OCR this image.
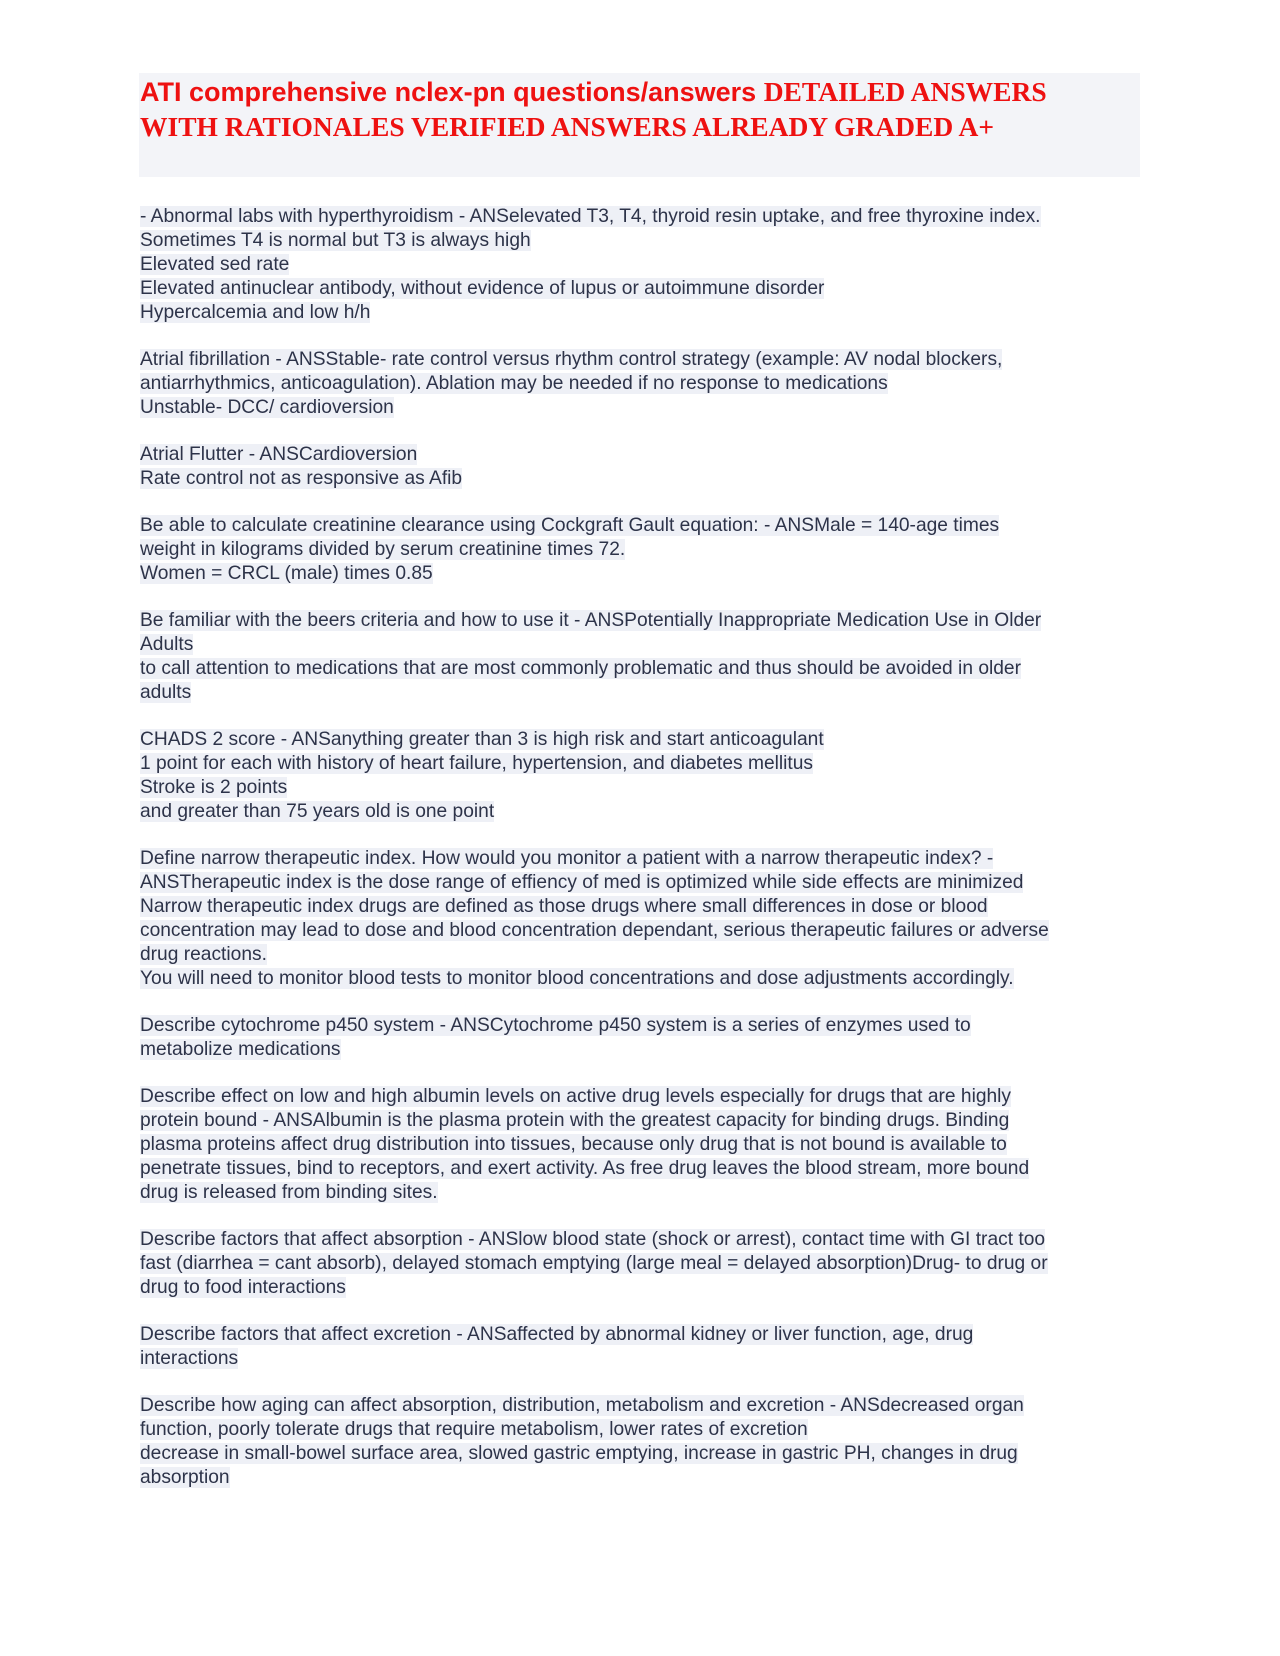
ATI comprehensive nclex-pn questions/answers DETAILED ANSWERS
WITH RATIONALES VERIFIED ANSWERS ALREADY GRADED A+
- Abnormal labs with hyperthyroidism - ANSelevated T3, T4, thyroid resin uptake, and free thyroxine index.
Sometimes T4 is normal but T3 is always high
Elevated sed rate
Elevated antinuclear antibody, without evidence of lupus or autoimmune disorder
Hypercalcemia and low h/h
Atrial fibrillation - ANSStable- rate control versus rhythm control strategy (example: AV nodal blockers,
antiarrhythmics, anticoagulation). Ablation may be needed if no response to medications
Unstable- DCC/ cardioversion
Atrial Flutter - ANSCardioversion
Rate control not as responsive as Afib
Be able to calculate creatinine clearance using Cockgraft Gault equation: - ANSMale = 140-age times
weight in kilograms divided by serum creatinine times 72.
Women = CRCL (male) times 0.85
Be familiar with the beers criteria and how to use it - ANSPotentially Inappropriate Medication Use in Older
Adults
to call attention to medications that are most commonly problematic and thus should be avoided in older
adults
CHADS 2 score - ANSanything greater than 3 is high risk and start anticoagulant
1 point for each with history of heart failure, hypertension, and diabetes mellitus
Stroke is 2 points
and greater than 75 years old is one point
Define narrow therapeutic index. How would you monitor a patient with a narrow therapeutic index? -
ANSTherapeutic index is the dose range of effiency of med is optimized while side effects are minimized
Narrow therapeutic index drugs are defined as those drugs where small differences in dose or blood
concentration may lead to dose and blood concentration dependant, serious therapeutic failures or adverse
drug reactions.
You will need to monitor blood tests to monitor blood concentrations and dose adjustments accordingly.
Describe cytochrome p450 system - ANSCytochrome p450 system is a series of enzymes used to
metabolize medications
Describe effect on low and high albumin levels on active drug levels especially for drugs that are highly
protein bound - ANSAlbumin is the plasma protein with the greatest capacity for binding drugs. Binding
plasma proteins affect drug distribution into tissues, because only drug that is not bound is available to
penetrate tissues, bind to receptors, and exert activity. As free drug leaves the blood stream, more bound
drug is released from binding sites.
Describe factors that affect absorption - ANSlow blood state (shock or arrest), contact time with GI tract too
fast (diarrhea = cant absorb), delayed stomach emptying (large meal = delayed absorption)Drug- to drug or
drug to food interactions
Describe factors that affect excretion - ANSaffected by abnormal kidney or liver function, age, drug
interactions
Describe how aging can affect absorption, distribution, metabolism and excretion - ANSdecreased organ
function, poorly tolerate drugs that require metabolism, lower rates of excretion
decrease in small-bowel surface area, slowed gastric emptying, increase in gastric PH, changes in drug
absorption
